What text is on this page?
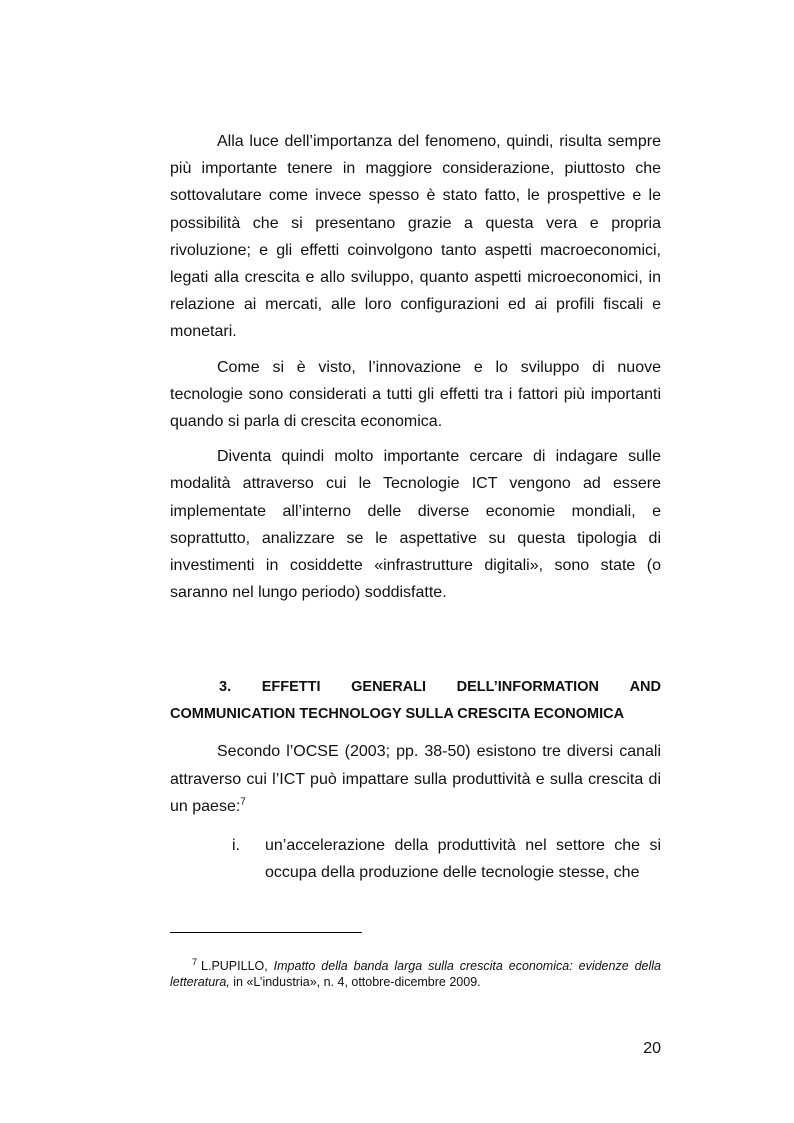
Alla luce dell’importanza del fenomeno, quindi, risulta sempre più importante tenere in maggiore considerazione, piuttosto che sottovalutare come invece spesso è stato fatto, le prospettive e le possibilità che si presentano grazie a questa vera e propria rivoluzione; e gli effetti coinvolgono tanto aspetti macroeconomici, legati alla crescita e allo sviluppo, quanto aspetti microeconomici, in relazione ai mercati, alle loro configurazioni ed ai profili fiscali e monetari.

Come si è visto, l’innovazione e lo sviluppo di nuove tecnologie sono considerati a tutti gli effetti tra i fattori più importanti quando si parla di crescita economica.

Diventa quindi molto importante cercare di indagare sulle modalità attraverso cui le Tecnologie ICT vengono ad essere implementate all’interno delle diverse economie mondiali, e soprattutto, analizzare se le aspettative su questa tipologia di investimenti in cosiddette «infrastrutture digitali», sono state (o saranno nel lungo periodo) soddisfatte.

3. EFFETTI GENERALI DELL’INFORMATION AND
COMMUNICATION TECHNOLOGY SULLA CRESCITA ECONOMICA

Secondo l’OCSE (2003; pp. 38-50) esistono tre diversi canali attraverso cui l’ICT può impattare sulla produttività e sulla crescita di un paese:$^7$

i. un’accelerazione della produttività nel settore che si occupa della produzione delle tecnologie stesse, che
$^7$ L.PUPILLO, Impatto della banda larga sulla crescita economica: evidenze della letteratura, in «L’industria», n. 4, ottobre-dicembre 2009.
20
